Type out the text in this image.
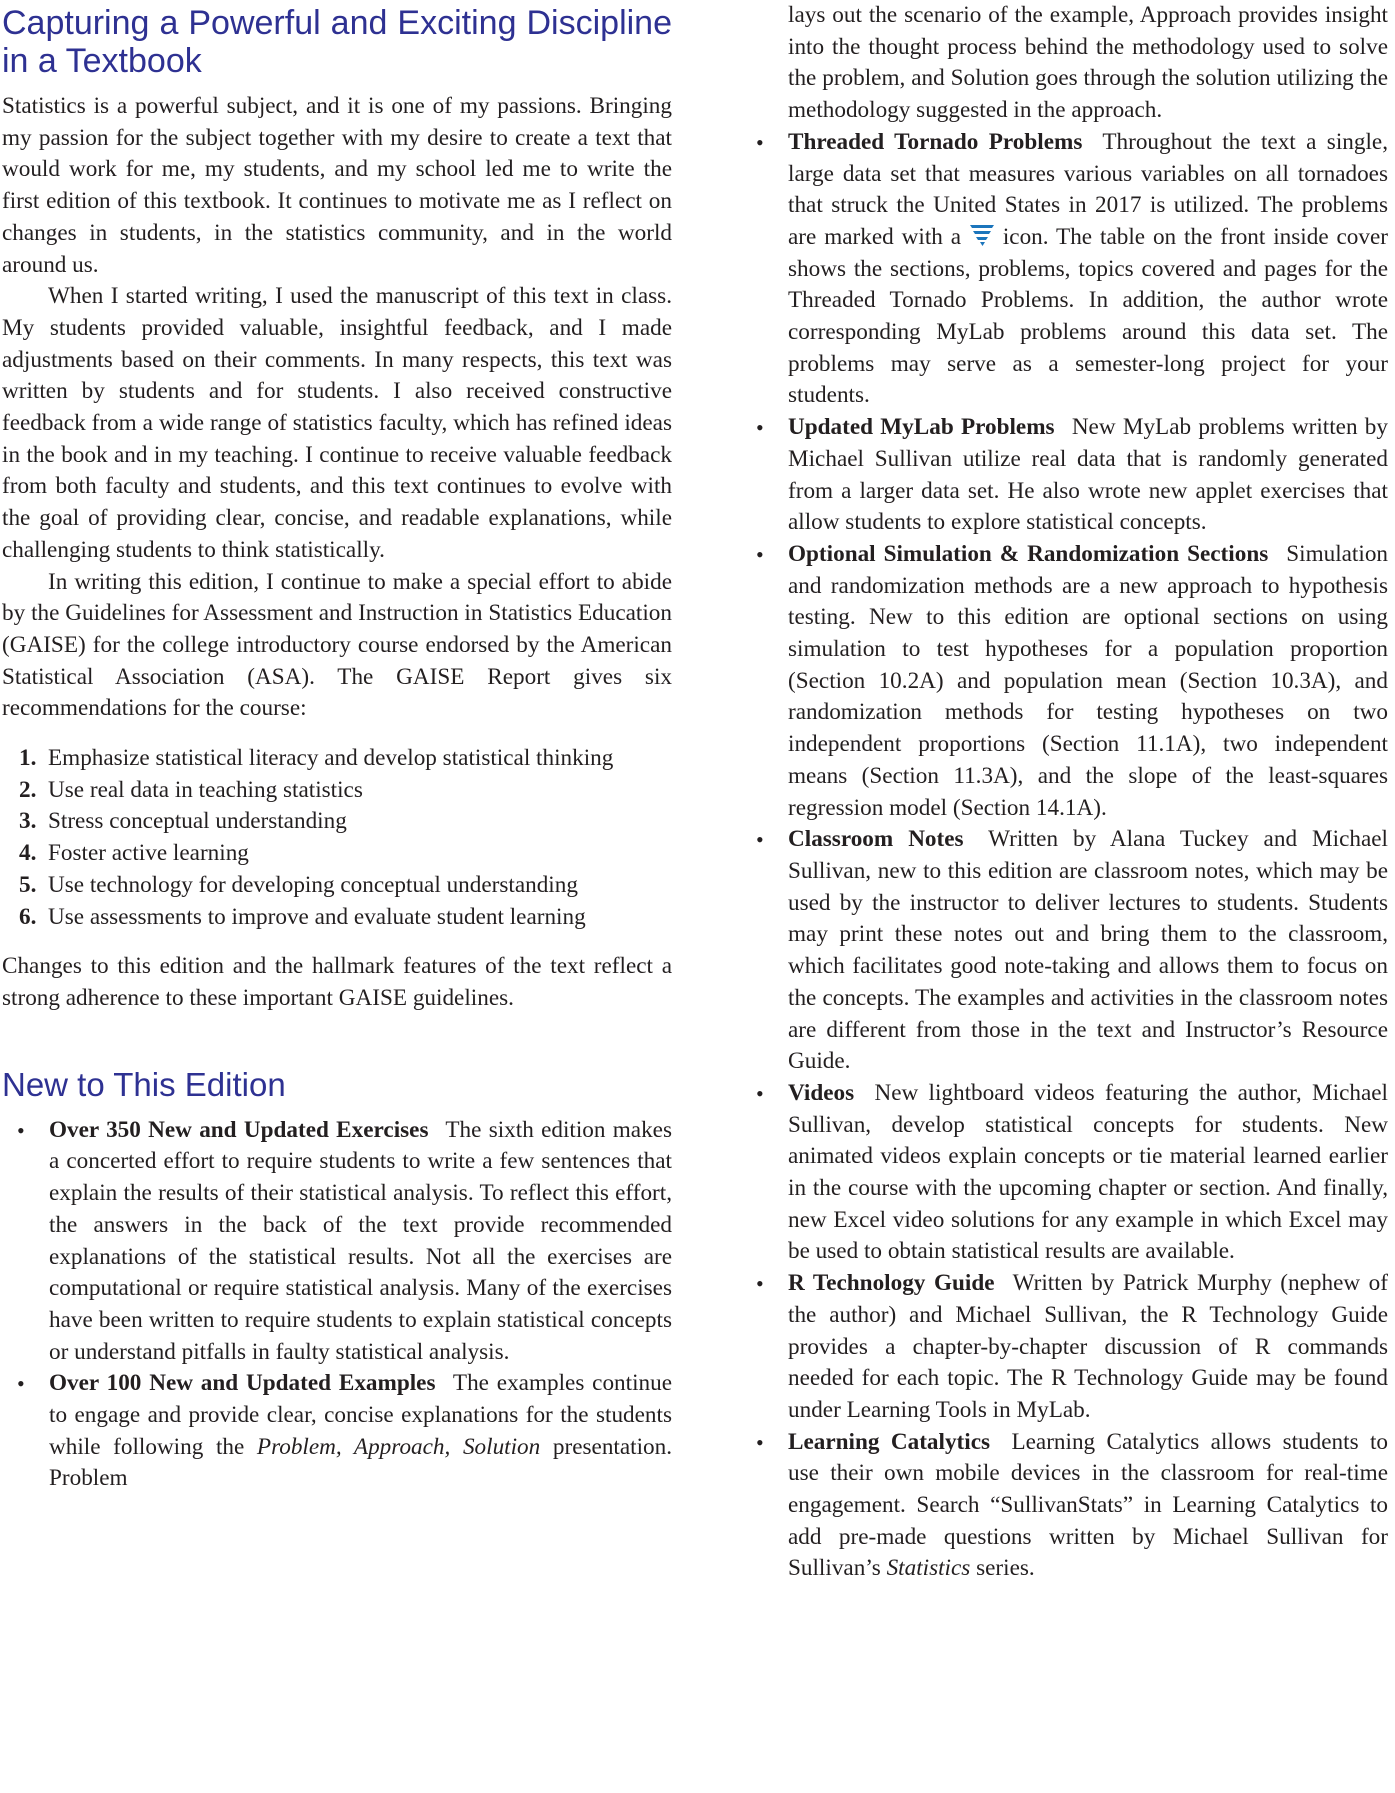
Capturing a Powerful and Exciting Discipline in a Textbook

Statistics is a powerful subject, and it is one of my passions. Bringing my passion for the subject together with my desire to create a text that would work for me, my students, and my school led me to write the first edition of this textbook. It continues to motivate me as I reflect on changes in students, in the statistics community, and in the world around us.

When I started writing, I used the manuscript of this text in class. My students provided valuable, insightful feedback, and I made adjustments based on their comments. In many respects, this text was written by students and for students. I also received constructive feedback from a wide range of statistics faculty, which has refined ideas in the book and in my teaching. I continue to receive valuable feedback from both faculty and students, and this text continues to evolve with the goal of providing clear, concise, and readable explanations, while challenging students to think statistically.

In writing this edition, I continue to make a special effort to abide by the Guidelines for Assessment and Instruction in Statistics Education (GAISE) for the college introductory course endorsed by the American Statistical Association (ASA). The GAISE Report gives six recommendations for the course:

1. Emphasize statistical literacy and develop statistical thinking
2. Use real data in teaching statistics
3. Stress conceptual understanding
4. Foster active learning
5. Use technology for developing conceptual understanding
6. Use assessments to improve and evaluate student learning

Changes to this edition and the hallmark features of the text reflect a strong adherence to these important GAISE guidelines.

New to This Edition
• Over 350 New and Updated Exercises The sixth edition makes a concerted effort to require students to write a few sentences that explain the results of their statistical analysis. To reflect this effort, the answers in the back of the text provide recommended explanations of the statistical results. Not all the exercises are computational or require statistical analysis. Many of the exercises have been written to require students to explain statistical concepts or understand pitfalls in faulty statistical analysis.
• Over 100 New and Updated Examples The examples continue to engage and provide clear, concise explanations for the students while following the Problem, Approach, Solution presentation. Problem

lays out the scenario of the example, Approach provides insight into the thought process behind the methodology used to solve the problem, and Solution goes through the solution utilizing the methodology suggested in the approach.

• Threaded Tornado Problems Throughout the text a single, large data set that measures various variables on all tornadoes that struck the United States in 2017 is utilized. The problems are marked with a icon. The table on the front inside cover shows the sections, problems, topics covered and pages for the Threaded Tornado Problems. In addition, the author wrote corresponding MyLab problems around this data set. The problems may serve as a semester-long project for your students.
• Updated MyLab Problems New MyLab problems written by Michael Sullivan utilize real data that is randomly generated from a larger data set. He also wrote new applet exercises that allow students to explore statistical concepts.
• Optional Simulation & Randomization Sections Simulation and randomization methods are a new approach to hypothesis testing. New to this edition are optional sections on using simulation to test hypotheses for a population proportion (Section 10.2A) and population mean (Section 10.3A), and randomization methods for testing hypotheses on two independent proportions (Section 11.1A), two independent means (Section 11.3A), and the slope of the least-squares regression model (Section 14.1A).
• Classroom Notes Written by Alana Tuckey and Michael Sullivan, new to this edition are classroom notes, which may be used by the instructor to deliver lectures to students. Students may print these notes out and bring them to the classroom, which facilitates good note-taking and allows them to focus on the concepts. The examples and activities in the classroom notes are different from those in the text and Instructor’s Resource Guide.
• Videos New lightboard videos featuring the author, Michael Sullivan, develop statistical concepts for students. New animated videos explain concepts or tie material learned earlier in the course with the upcoming chapter or section. And finally, new Excel video solutions for any example in which Excel may be used to obtain statistical results are available.
• R Technology Guide Written by Patrick Murphy (nephew of the author) and Michael Sullivan, the R Technology Guide provides a chapter-by-chapter discussion of R commands needed for each topic. The R Technology Guide may be found under Learning Tools in MyLab.
• Learning Catalytics Learning Catalytics allows students to use their own mobile devices in the classroom for real-time engagement. Search “SullivanStats” in Learning Catalytics to add pre-made questions written by Michael Sullivan for Sullivan’s Statistics series.
